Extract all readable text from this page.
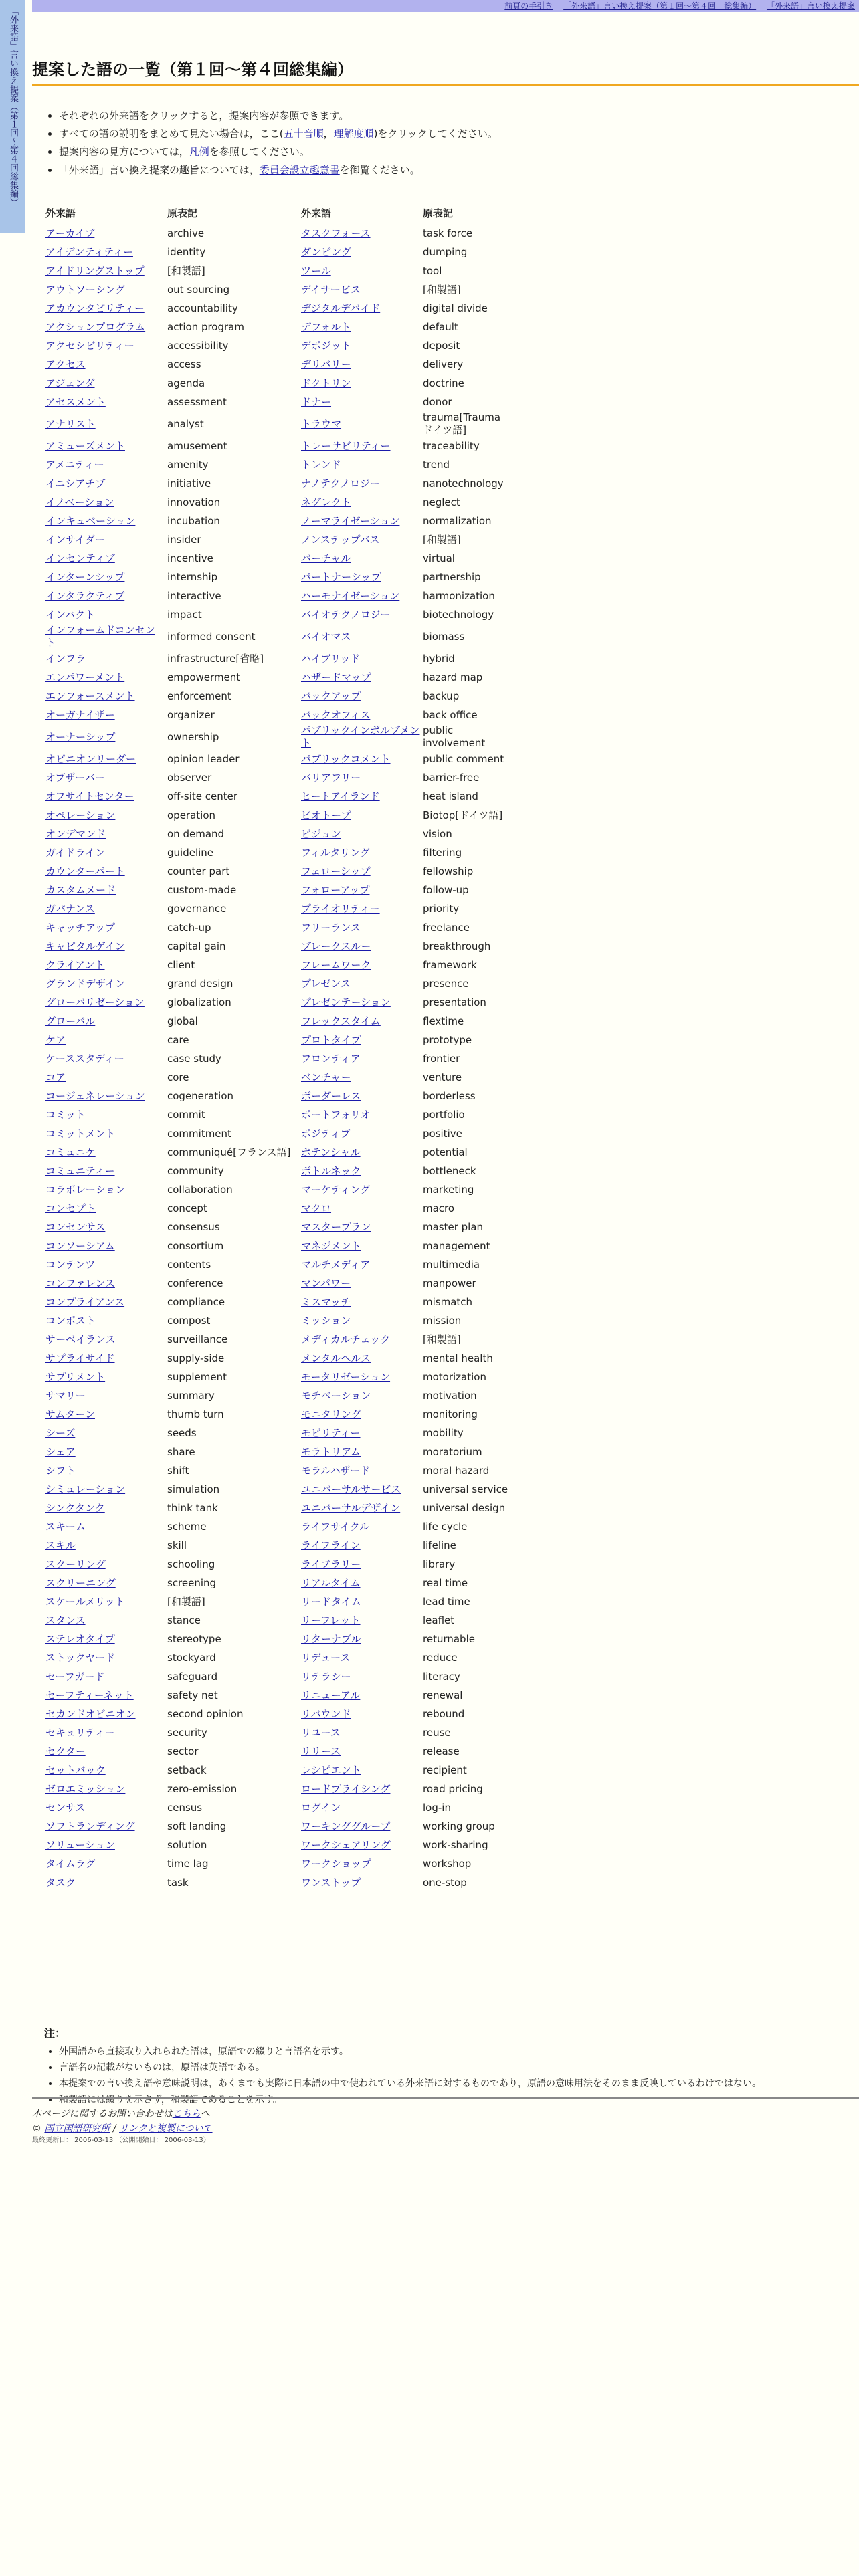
「外来語」言い換え提案（第１回〜第４回総集編）
前頁の手引き 「外来語」言い換え提案（第１回〜第４回　総集編） 「外来語」言い換え提案
提案した語の一覧（第１回〜第４回総集編）
• それぞれの外来語をクリックすると，提案内容が参照できます。
• すべての語の説明をまとめて見たい場合は，ここ(五十音順，理解度順)をクリックしてください。
• 提案内容の見方については，凡例を参照してください。
• 「外来語」言い換え提案の趣旨については，委員会設立趣意書を御覧ください。
外来語	原表記	外来語	原表記
アーカイブ	archive	タスクフォース	task force
アイデンティティー	identity	ダンピング	dumping
アイドリングストップ	[和製語]	ツール	tool
アウトソーシング	out sourcing	デイサービス	[和製語]
アカウンタビリティー	accountability	デジタルデバイド	digital divide
アクションプログラム	action program	デフォルト	default
アクセシビリティー	accessibility	デポジット	deposit
アクセス	access	デリバリー	delivery
アジェンダ	agenda	ドクトリン	doctrine
アセスメント	assessment	ドナー	donor
アナリスト	analyst	トラウマ	trauma[Trauma ドイツ語]
アミューズメント	amusement	トレーサビリティー	traceability
アメニティー	amenity	トレンド	trend
イニシアチブ	initiative	ナノテクノロジー	nanotechnology
イノベーション	innovation	ネグレクト	neglect
インキュベーション	incubation	ノーマライゼーション	normalization
インサイダー	insider	ノンステップバス	[和製語]
インセンティブ	incentive	バーチャル	virtual
インターンシップ	internship	パートナーシップ	partnership
インタラクティブ	interactive	ハーモナイゼーション	harmonization
インパクト	impact	バイオテクノロジー	biotechnology
インフォームドコンセント	informed consent	バイオマス	biomass
インフラ	infrastructure[省略]	ハイブリッド	hybrid
エンパワーメント	empowerment	ハザードマップ	hazard map
エンフォースメント	enforcement	バックアップ	backup
オーガナイザー	organizer	バックオフィス	back office
オーナーシップ	ownership	パブリックインボルブメント	public involvement
オピニオンリーダー	opinion leader	パブリックコメント	public comment
オブザーバー	observer	バリアフリー	barrier-free
オフサイトセンター	off-site center	ヒートアイランド	heat island
オペレーション	operation	ビオトープ	Biotop[ドイツ語]
オンデマンド	on demand	ビジョン	vision
ガイドライン	guideline	フィルタリング	filtering
カウンターパート	counter part	フェローシップ	fellowship
カスタムメード	custom-made	フォローアップ	follow-up
ガバナンス	governance	プライオリティー	priority
キャッチアップ	catch-up	フリーランス	freelance
キャピタルゲイン	capital gain	ブレークスルー	breakthrough
クライアント	client	フレームワーク	framework
グランドデザイン	grand design	プレゼンス	presence
グローバリゼーション	globalization	プレゼンテーション	presentation
グローバル	global	フレックスタイム	flextime
ケア	care	プロトタイプ	prototype
ケーススタディー	case study	フロンティア	frontier
コア	core	ベンチャー	venture
コージェネレーション	cogeneration	ボーダーレス	borderless
コミット	commit	ポートフォリオ	portfolio
コミットメント	commitment	ポジティブ	positive
コミュニケ	communiqué[フランス語]	ポテンシャル	potential
コミュニティー	community	ボトルネック	bottleneck
コラボレーション	collaboration	マーケティング	marketing
コンセプト	concept	マクロ	macro
コンセンサス	consensus	マスタープラン	master plan
コンソーシアム	consortium	マネジメント	management
コンテンツ	contents	マルチメディア	multimedia
コンファレンス	conference	マンパワー	manpower
コンプライアンス	compliance	ミスマッチ	mismatch
コンポスト	compost	ミッション	mission
サーベイランス	surveillance	メディカルチェック	[和製語]
サプライサイド	supply-side	メンタルヘルス	mental health
サプリメント	supplement	モータリゼーション	motorization
サマリー	summary	モチベーション	motivation
サムターン	thumb turn	モニタリング	monitoring
シーズ	seeds	モビリティー	mobility
シェア	share	モラトリアム	moratorium
シフト	shift	モラルハザード	moral hazard
シミュレーション	simulation	ユニバーサルサービス	universal service
シンクタンク	think tank	ユニバーサルデザイン	universal design
スキーム	scheme	ライフサイクル	life cycle
スキル	skill	ライフライン	lifeline
スクーリング	schooling	ライブラリー	library
スクリーニング	screening	リアルタイム	real time
スケールメリット	[和製語]	リードタイム	lead time
スタンス	stance	リーフレット	leaflet
ステレオタイプ	stereotype	リターナブル	returnable
ストックヤード	stockyard	リデュース	reduce
セーフガード	safeguard	リテラシー	literacy
セーフティーネット	safety net	リニューアル	renewal
セカンドオピニオン	second opinion	リバウンド	rebound
セキュリティー	security	リユース	reuse
セクター	sector	リリース	release
セットバック	setback	レシピエント	recipient
ゼロエミッション	zero-emission	ロードプライシング	road pricing
センサス	census	ログイン	log-in
ソフトランディング	soft landing	ワーキンググループ	working group
ソリューション	solution	ワークシェアリング	work-sharing
タイムラグ	time lag	ワークショップ	workshop
タスク	task	ワンストップ	one-stop

注：

• 外国語から直接取り入れられた語は，原語での綴りと言語名を示す。
• 言語名の記載がないものは，原語は英語である。
• 本提案での言い換え語や意味説明は，あくまでも実際に日本語の中で使われている外来語に対するものであり，原語の意味用法をそのまま反映しているわけではない。
• 和製語には綴りを示さず，和製語であることを示す。
本ページに関するお問い合わせはこちらへ
© 国立国語研究所 / リンクと複製について
最終更新日： 2006-03-13 （公開開始日： 2006-03-13）
